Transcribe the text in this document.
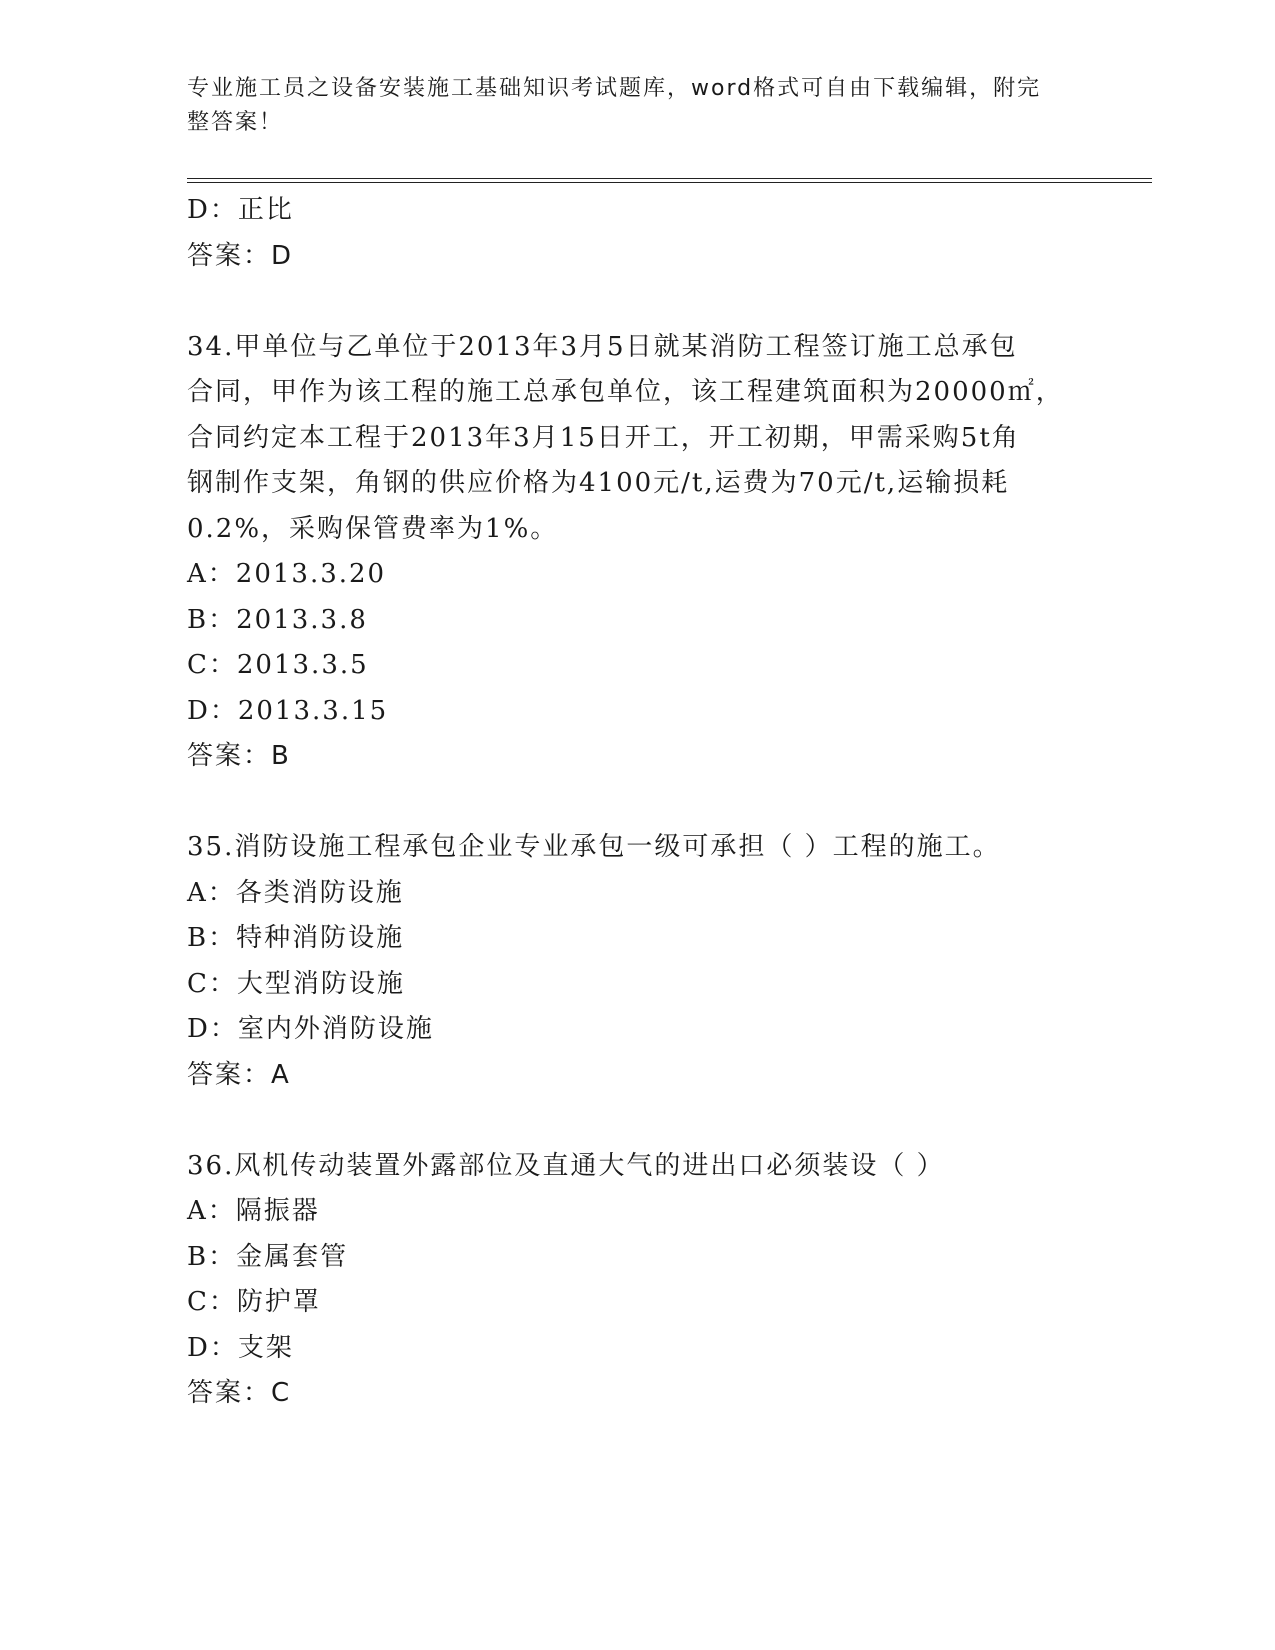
专业施工员之设备安装施工基础知识考试题库，word格式可自由下载编辑，附完
整答案！
D：正比
答案：D
34.甲单位与乙单位于2013年3月5日就某消防工程签订施工总承包
合同，甲作为该工程的施工总承包单位，该工程建筑面积为20000㎡，
合同约定本工程于2013年3月15日开工，开工初期，甲需采购5t角
钢制作支架，角钢的供应价格为4100元/t,运费为70元/t,运输损耗
0.2%，采购保管费率为1%。
A：2013.3.20
B：2013.3.8
C：2013.3.5
D：2013.3.15
答案：B
35.消防设施工程承包企业专业承包一级可承担（ ）工程的施工。
A：各类消防设施
B：特种消防设施
C：大型消防设施
D：室内外消防设施
答案：A
36.风机传动装置外露部位及直通大气的进出口必须装设（ ）
A：隔振器
B：金属套管
C：防护罩
D：支架
答案：C
